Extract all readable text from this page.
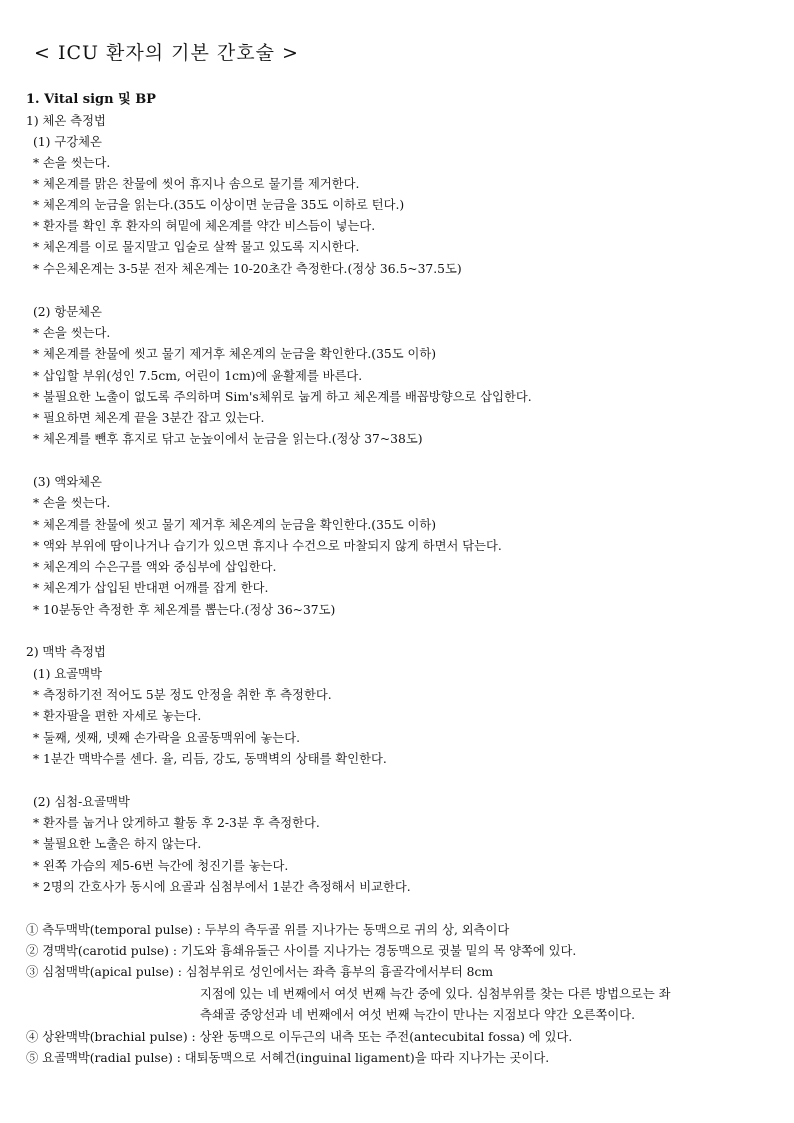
< ICU 환자의 기본 간호술 >
1. Vital sign 및 BP
1) 체온 측정법
(1) 구강체온
* 손을 씻는다.
* 체온계를 맑은 찬물에 씻어 휴지나 솜으로 물기를 제거한다.
* 체온계의 눈금을 읽는다.(35도 이상이면 눈금을 35도 이하로 턴다.)
* 환자를 확인 후 환자의 혀밑에 체온계를 약간 비스듬이 넣는다.
* 체온계를 이로 물지말고 입술로 살짝 물고 있도록 지시한다.
* 수은체온계는 3-5분 전자 체온계는 10-20초간 측정한다.(정상 36.5~37.5도)
(2) 항문체온
* 손을 씻는다.
* 체온계를 찬물에 씻고 물기 제거후 체온계의 눈금을 확인한다.(35도 이하)
* 삽입할 부위(성인 7.5cm, 어린이 1cm)에 윤활제를 바른다.
* 불필요한 노출이 없도록 주의하며 Sim's체위로 눕게 하고 체온계를 배꼽방향으로 삽입한다.
* 필요하면 체온계 끝을 3분간 잡고 있는다.
* 체온계를 뺀후 휴지로 닦고 눈높이에서 눈금을 읽는다.(정상 37~38도)
(3) 액와체온
* 손을 씻는다.
* 체온계를 찬물에 씻고 물기 제거후 체온계의 눈금을 확인한다.(35도 이하)
* 액와 부위에 땀이나거나 습기가 있으면 휴지나 수건으로 마찰되지 않게 하면서 닦는다.
* 체온계의 수은구를 액와 중심부에 삽입한다.
* 체온계가 삽입된 반대편 어깨를 잡게 한다.
* 10분동안 측정한 후 체온계를 뽑는다.(정상 36~37도)
2) 맥박 측정법
(1) 요골맥박
* 측정하기전 적어도 5분 정도 안정을 취한 후 측정한다.
* 환자팔을 편한 자세로 놓는다.
* 둘째, 셋째, 넷째 손가락을 요골동맥위에 놓는다.
* 1분간 맥박수를 센다. 율, 리듬, 강도, 동맥벽의 상태를 확인한다.
(2) 심첨-요골맥박
* 환자를 눕거나 앉게하고 활동 후 2-3분 후 측정한다.
* 불필요한 노출은 하지 않는다.
* 왼쪽 가슴의 제5-6번 늑간에 청진기를 놓는다.
* 2명의 간호사가 동시에 요골과 심첨부에서 1분간 측정해서 비교한다.
① 측두맥박(temporal pulse) : 두부의 측두골 위를 지나가는 동맥으로 귀의 상, 외측이다
② 경맥박(carotid pulse) : 기도와 흉쇄유돌근 사이를 지나가는 경동맥으로 귓불 밑의 목 양쪽에 있다.
③ 심첨맥박(apical pulse) : 심첨부위로 성인에서는 좌측 흉부의 흉골각에서부터 8cm
지점에 있는 네 번째에서 여섯 번째 늑간 중에 있다. 심첨부위를 찾는 다른 방법으로는 좌
측쇄골 중앙선과 네 번째에서 여섯 번째 늑간이 만나는 지점보다 약간 오른쪽이다.
④ 상완맥박(brachial pulse) : 상완 동맥으로 이두근의 내측 또는 주전(antecubital fossa) 에 있다.
⑤ 요골맥박(radial pulse) : 대퇴동맥으로 서혜건(inguinal ligament)을 따라 지나가는 곳이다.
